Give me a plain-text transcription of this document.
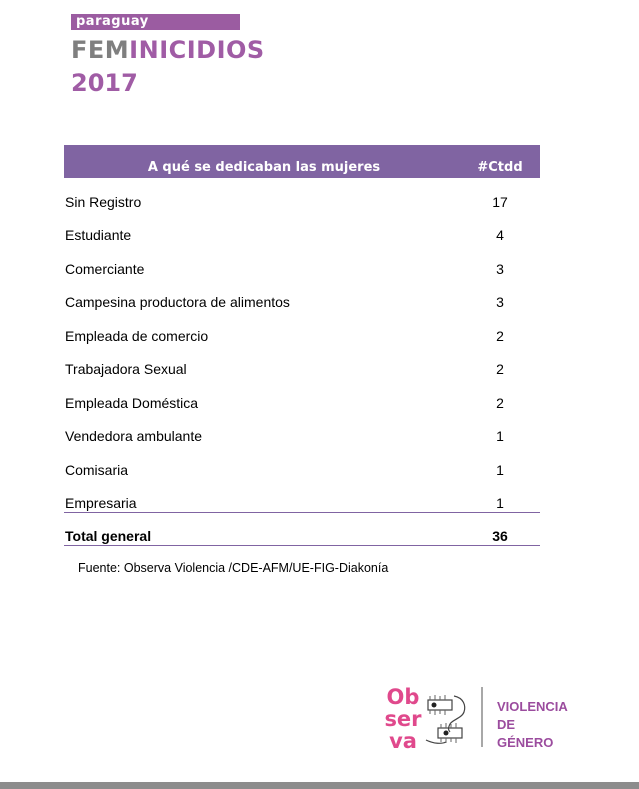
paraguay
FEMINICIDIOS
2017
A qué se dedicaban las mujeres	#Ctdd
Sin Registro	17
Estudiante	4
Comerciante	3
Campesina productora de alimentos	3
Empleada de comercio	2
Trabajadora Sexual	2
Empleada Doméstica	2
Vendedora ambulante	1
Comisaria	1
Empresaria	1
Total general	36
Fuente: Observa Violencia /CDE-AFM/UE-FIG-Diakonía
Ob
ser
va
VIOLENCIA
DE
GÉNERO
